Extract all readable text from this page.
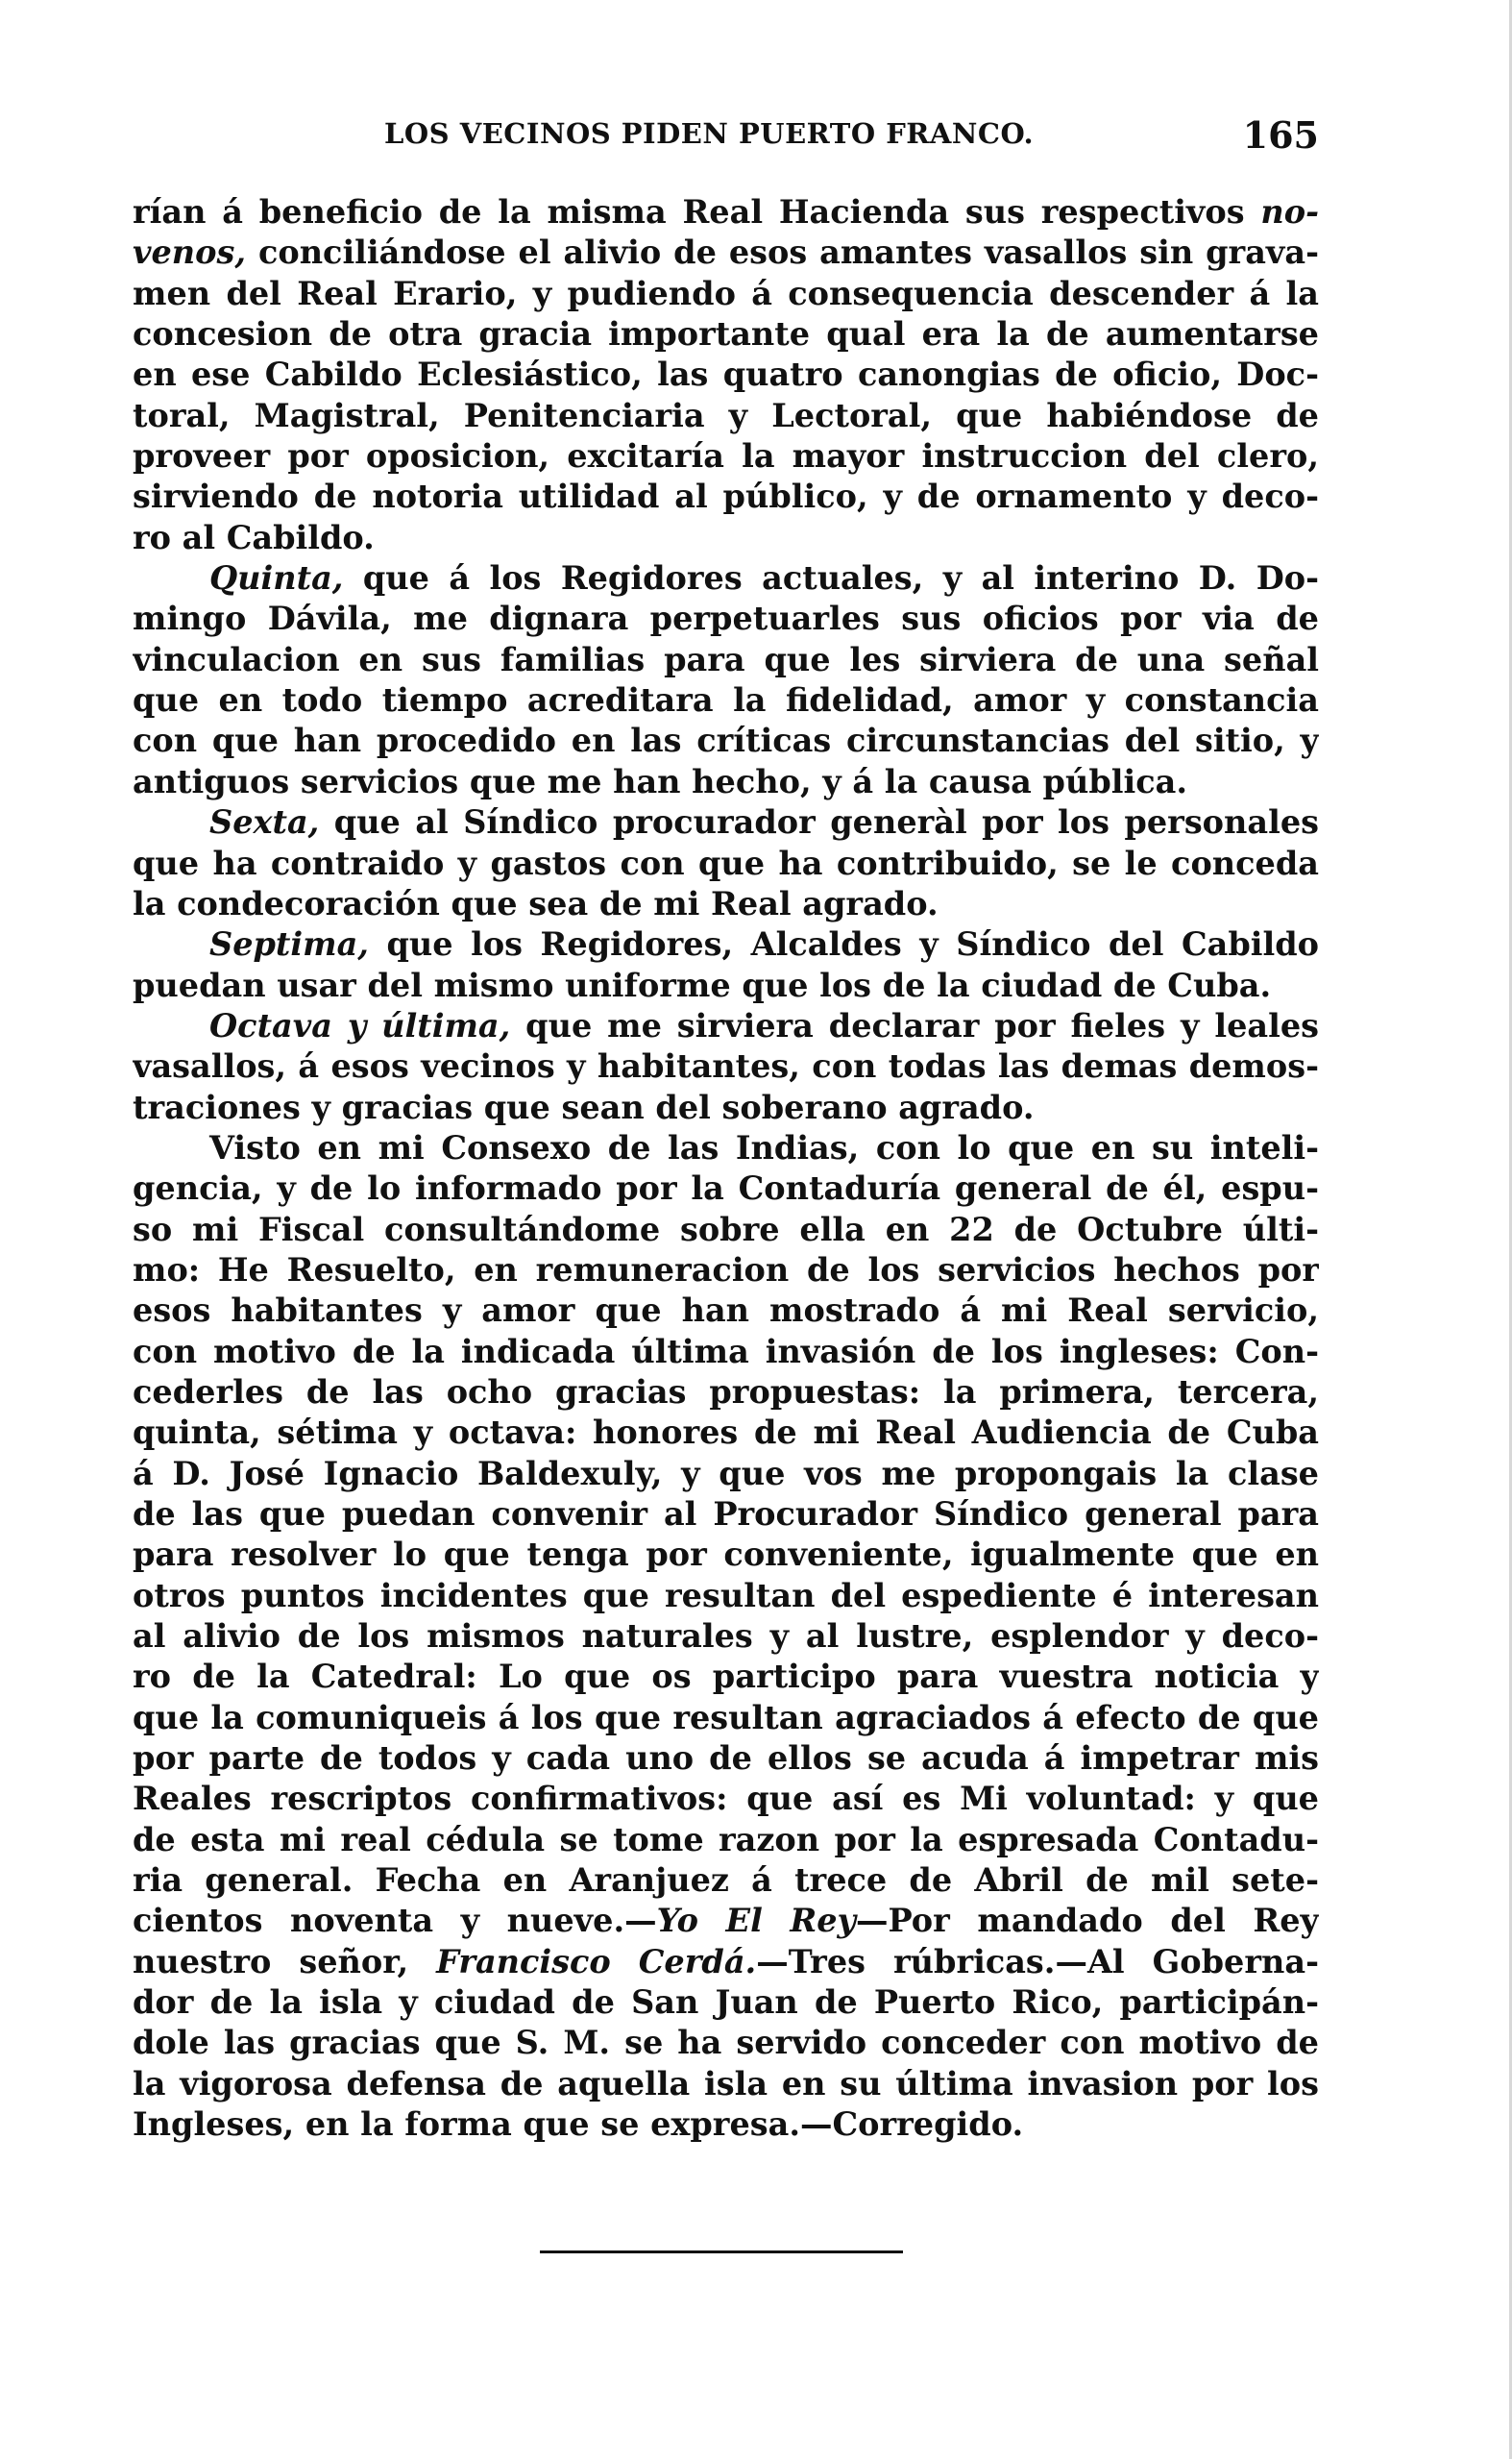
LOS VECINOS PIDEN PUERTO FRANCO.	165
rían á beneficio de la misma Real Hacienda sus respectivos no-
venos, conciliándose el alivio de esos amantes vasallos sin grava-
men del Real Erario, y pudiendo á consequencia descender á la
concesion de otra gracia importante qual era la de aumentarse
en ese Cabildo Eclesiástico, las quatro canongias de oficio, Doc-
toral, Magistral, Penitenciaria y Lectoral, que habiéndose de
proveer por oposicion, excitaría la mayor instruccion del clero,
sirviendo de notoria utilidad al público, y de ornamento y deco-
ro al Cabildo.
Quinta, que á los Regidores actuales, y al interino D. Do-
mingo Dávila, me dignara perpetuarles sus oficios por via de
vinculacion en sus familias para que les sirviera de una señal
que en todo tiempo acreditara la fidelidad, amor y constancia
con que han procedido en las críticas circunstancias del sitio, y
antiguos servicios que me han hecho, y á la causa pública.
Sexta, que al Síndico procurador generàl por los personales
que ha contraido y gastos con que ha contribuido, se le conceda
la condecoración que sea de mi Real agrado.
Septima, que los Regidores, Alcaldes y Síndico del Cabildo
puedan usar del mismo uniforme que los de la ciudad de Cuba.
Octava y última, que me sirviera declarar por fieles y leales
vasallos, á esos vecinos y habitantes, con todas las demas demos-
traciones y gracias que sean del soberano agrado.
Visto en mi Consexo de las Indias, con lo que en su inteli-
gencia, y de lo informado por la Contaduría general de él, espu-
so mi Fiscal consultándome sobre ella en 22 de Octubre últi-
mo: He Resuelto, en remuneracion de los servicios hechos por
esos habitantes y amor que han mostrado á mi Real servicio,
con motivo de la indicada última invasión de los ingleses: Con-
cederles de las ocho gracias propuestas: la primera, tercera,
quinta, sétima y octava: honores de mi Real Audiencia de Cuba
á D. José Ignacio Baldexuly, y que vos me propongais la clase
de las que puedan convenir al Procurador Síndico general para
para resolver lo que tenga por conveniente, igualmente que en
otros puntos incidentes que resultan del espediente é interesan
al alivio de los mismos naturales y al lustre, esplendor y deco-
ro de la Catedral: Lo que os participo para vuestra noticia y
que la comuniqueis á los que resultan agraciados á efecto de que
por parte de todos y cada uno de ellos se acuda á impetrar mis
Reales rescriptos confirmativos: que así es Mi voluntad: y que
de esta mi real cédula se tome razon por la espresada Contadu-
ria general. Fecha en Aranjuez á trece de Abril de mil sete-
cientos noventa y nueve.—Yo El Rey—Por mandado del Rey
nuestro señor, Francisco Cerdá.—Tres rúbricas.—Al Goberna-
dor de la isla y ciudad de San Juan de Puerto Rico, participán-
dole las gracias que S. M. se ha servido conceder con motivo de
la vigorosa defensa de aquella isla en su última invasion por los
Ingleses, en la forma que se expresa.—Corregido.
